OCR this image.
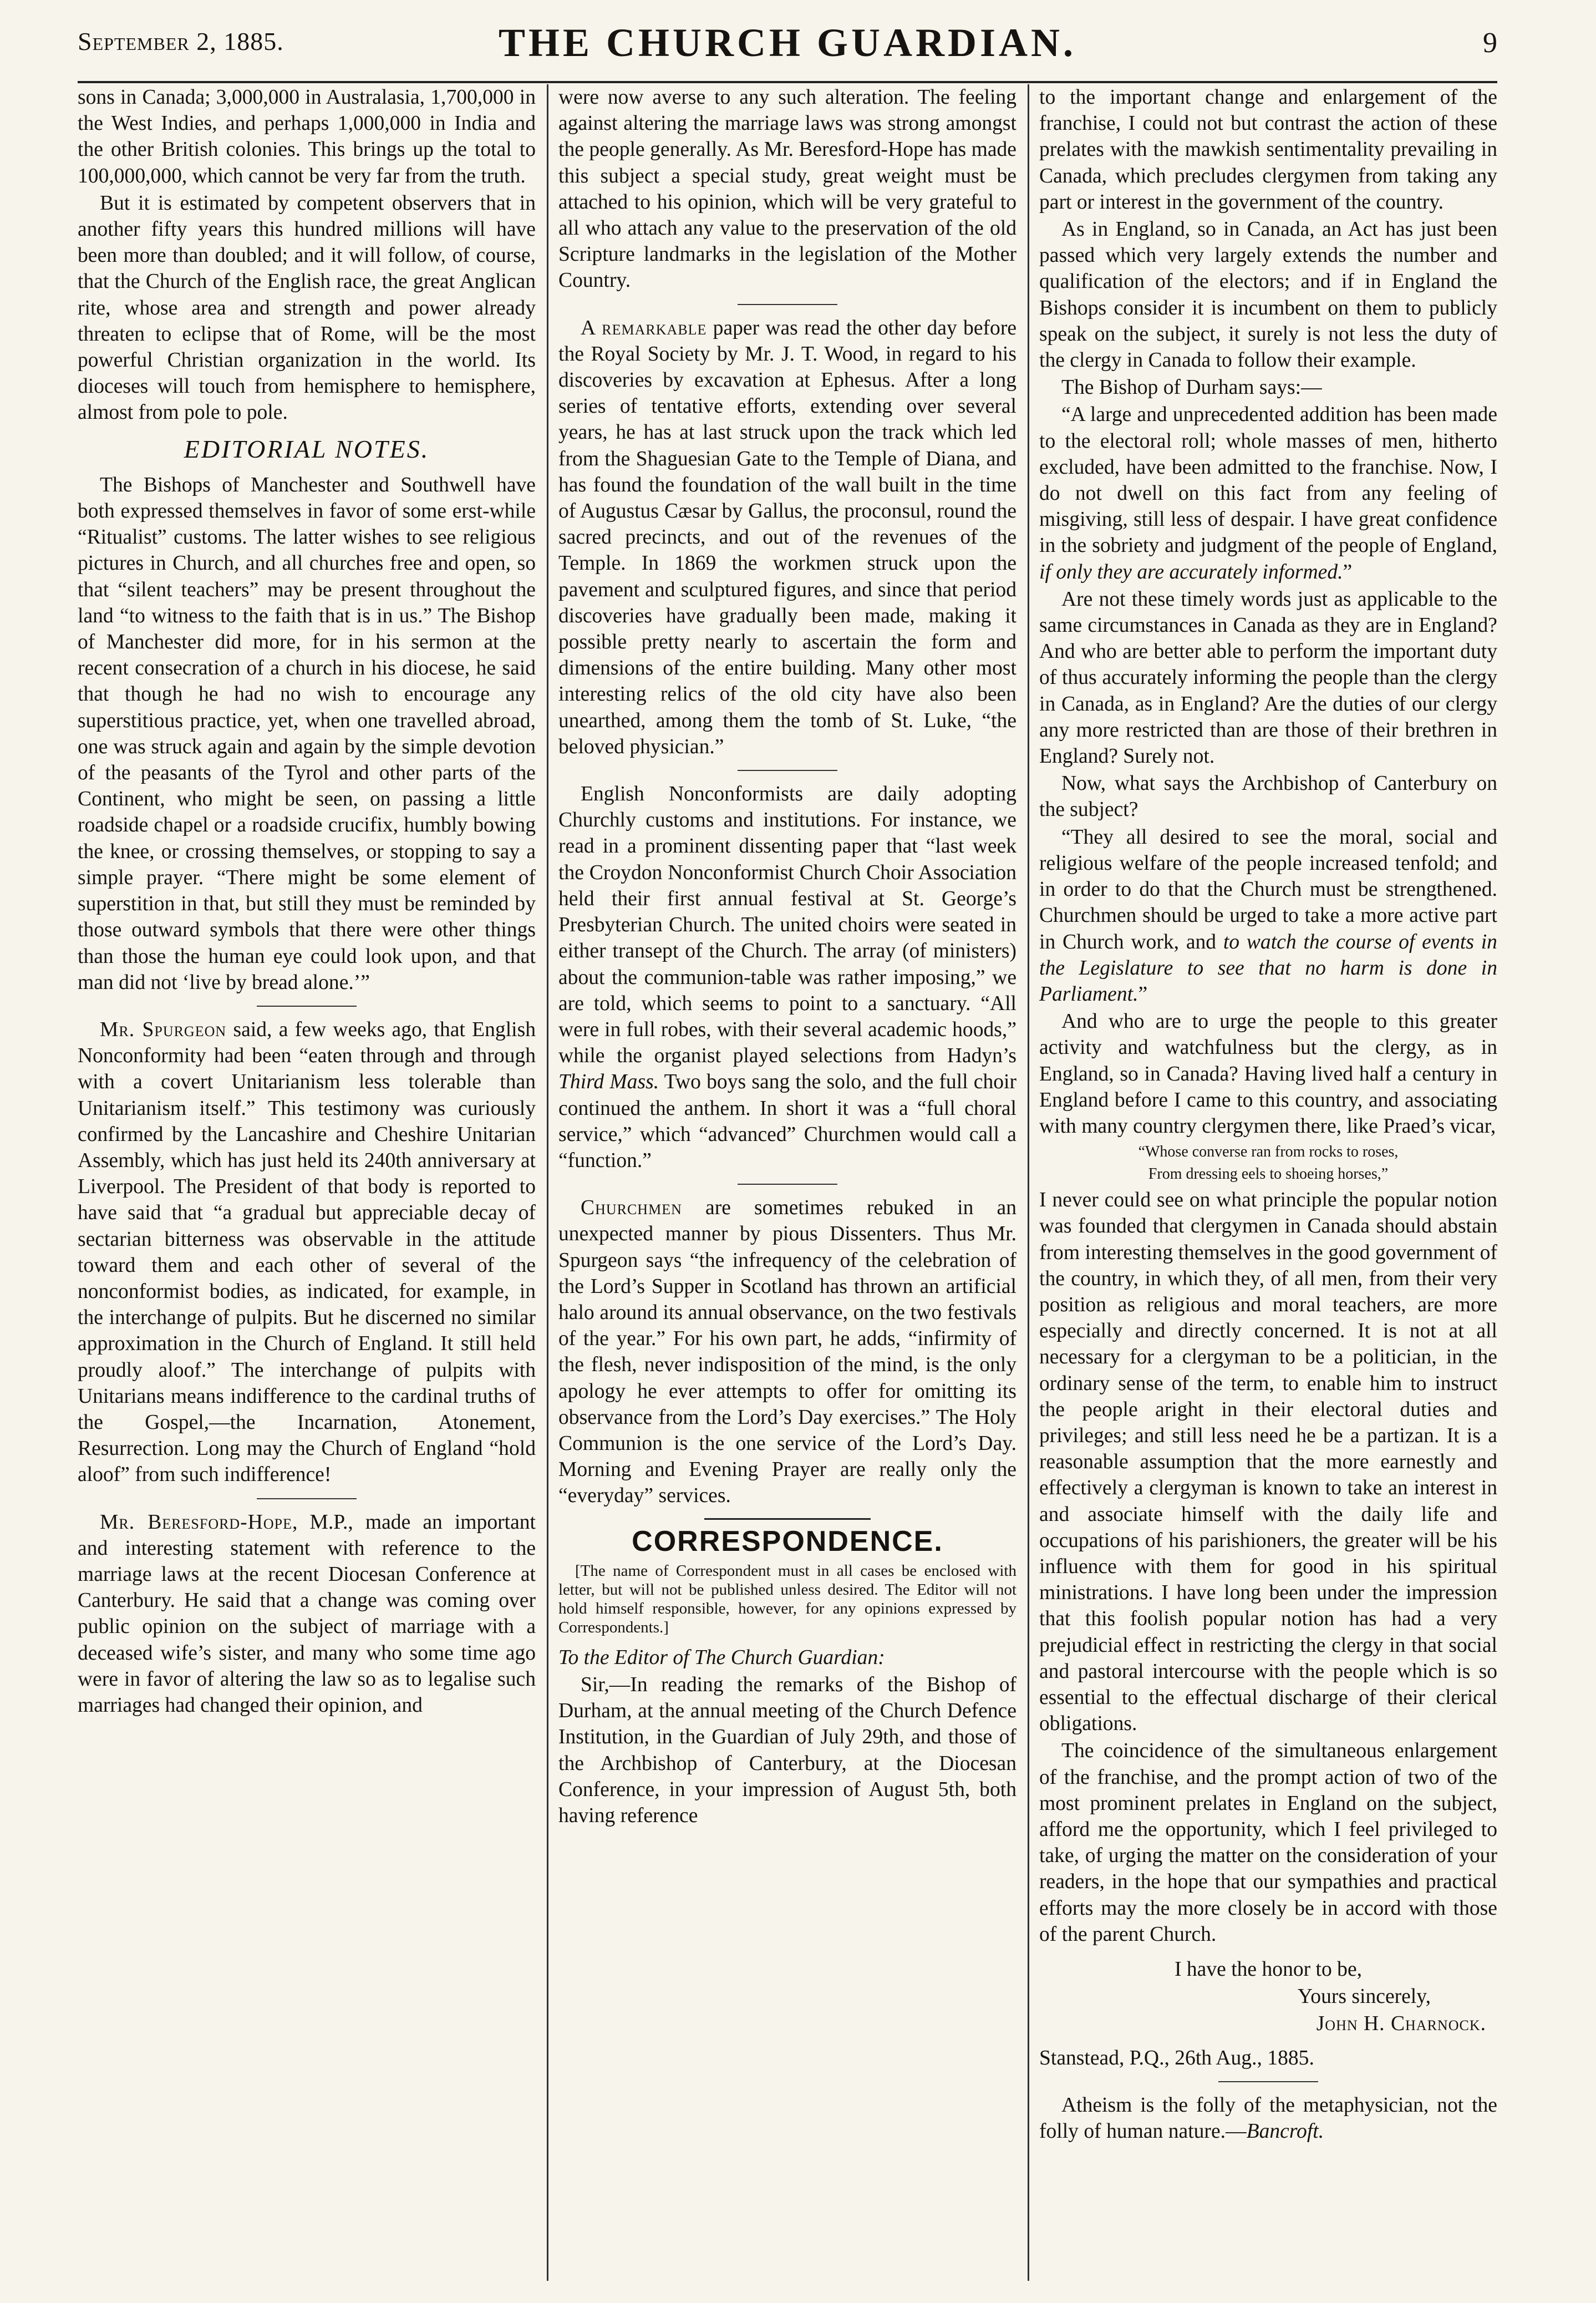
September 2, 1885.	THE CHURCH GUARDIAN.	9

sons in Canada; 3,000,000 in Australasia, 1,700,000 in the West Indies, and perhaps 1,000,000 in India and the other British colonies. This brings up the total to 100,000,000, which cannot be very far from the truth.

But it is estimated by competent observers that in another fifty years this hundred millions will have been more than doubled; and it will follow, of course, that the Church of the English race, the great Anglican rite, whose area and strength and power already threaten to eclipse that of Rome, will be the most powerful Christian organization in the world. Its dioceses will touch from hemisphere to hemisphere, almost from pole to pole.

EDITORIAL NOTES.

The Bishops of Manchester and Southwell have both expressed themselves in favor of some erst-while “Ritualist” customs. The latter wishes to see religious pictures in Church, and all churches free and open, so that “silent teachers” may be present throughout the land “to witness to the faith that is in us.” The Bishop of Manchester did more, for in his sermon at the recent consecration of a church in his diocese, he said that though he had no wish to encourage any superstitious practice, yet, when one travelled abroad, one was struck again and again by the simple devotion of the peasants of the Tyrol and other parts of the Continent, who might be seen, on passing a little roadside chapel or a roadside crucifix, humbly bowing the knee, or crossing themselves, or stopping to say a simple prayer. “There might be some element of superstition in that, but still they must be reminded by those outward symbols that there were other things than those the human eye could look upon, and that man did not ‘live by bread alone.’”

Mr. Spurgeon said, a few weeks ago, that English Nonconformity had been “eaten through and through with a covert Unitarianism less tolerable than Unitarianism itself.” This testimony was curiously confirmed by the Lancashire and Cheshire Unitarian Assembly, which has just held its 240th anniversary at Liverpool. The President of that body is reported to have said that “a gradual but appreciable decay of sectarian bitterness was observable in the attitude toward them and each other of several of the nonconformist bodies, as indicated, for example, in the interchange of pulpits. But he discerned no similar approximation in the Church of England. It still held proudly aloof.” The interchange of pulpits with Unitarians means indifference to the cardinal truths of the Gospel,—the Incarnation, Atonement, Resurrection. Long may the Church of England “hold aloof” from such indifference!

Mr. Beresford-Hope, M.P., made an important and interesting statement with reference to the marriage laws at the recent Diocesan Conference at Canterbury. He said that a change was coming over public opinion on the subject of marriage with a deceased wife’s sister, and many who some time ago were in favor of altering the law so as to legalise such marriages had changed their opinion, and

were now averse to any such alteration. The feeling against altering the marriage laws was strong amongst the people generally. As Mr. Beresford-Hope has made this subject a special study, great weight must be attached to his opinion, which will be very grateful to all who attach any value to the preservation of the old Scripture landmarks in the legislation of the Mother Country.

A remarkable paper was read the other day before the Royal Society by Mr. J. T. Wood, in regard to his discoveries by excavation at Ephesus. After a long series of tentative efforts, extending over several years, he has at last struck upon the track which led from the Shaguesian Gate to the Temple of Diana, and has found the foundation of the wall built in the time of Augustus Cæsar by Gallus, the proconsul, round the sacred precincts, and out of the revenues of the Temple. In 1869 the workmen struck upon the pavement and sculptured figures, and since that period discoveries have gradually been made, making it possible pretty nearly to ascertain the form and dimensions of the entire building. Many other most interesting relics of the old city have also been unearthed, among them the tomb of St. Luke, “the beloved physician.”

English Nonconformists are daily adopting Churchly customs and institutions. For instance, we read in a prominent dissenting paper that “last week the Croydon Nonconformist Church Choir Association held their first annual festival at St. George’s Presbyterian Church. The united choirs were seated in either transept of the Church. The array (of ministers) about the communion-table was rather imposing,” we are told, which seems to point to a sanctuary. “All were in full robes, with their several academic hoods,” while the organist played selections from Hadyn’s Third Mass. Two boys sang the solo, and the full choir continued the anthem. In short it was a “full choral service,” which “advanced” Churchmen would call a “function.”

Churchmen are sometimes rebuked in an unexpected manner by pious Dissenters. Thus Mr. Spurgeon says “the infrequency of the celebration of the Lord’s Supper in Scotland has thrown an artificial halo around its annual observance, on the two festivals of the year.” For his own part, he adds, “infirmity of the flesh, never indisposition of the mind, is the only apology he ever attempts to offer for omitting its observance from the Lord’s Day exercises.” The Holy Communion is the one service of the Lord’s Day. Morning and Evening Prayer are really only the “everyday” services.

CORRESPONDENCE.

[The name of Correspondent must in all cases be enclosed with letter, but will not be published unless desired. The Editor will not hold himself responsible, however, for any opinions expressed by Correspondents.]

To the Editor of The Church Guardian:

Sir,—In reading the remarks of the Bishop of Durham, at the annual meeting of the Church Defence Institution, in the Guardian of July 29th, and those of the Archbishop of Canterbury, at the Diocesan Conference, in your impression of August 5th, both having reference

to the important change and enlargement of the franchise, I could not but contrast the action of these prelates with the mawkish sentimentality prevailing in Canada, which precludes clergymen from taking any part or interest in the government of the country.

As in England, so in Canada, an Act has just been passed which very largely extends the number and qualification of the electors; and if in England the Bishops consider it is incumbent on them to publicly speak on the subject, it surely is not less the duty of the clergy in Canada to follow their example.

The Bishop of Durham says:—

“A large and unprecedented addition has been made to the electoral roll; whole masses of men, hitherto excluded, have been admitted to the franchise. Now, I do not dwell on this fact from any feeling of misgiving, still less of despair. I have great confidence in the sobriety and judgment of the people of England, if only they are accurately informed.”

Are not these timely words just as applicable to the same circumstances in Canada as they are in England? And who are better able to perform the important duty of thus accurately informing the people than the clergy in Canada, as in England? Are the duties of our clergy any more restricted than are those of their brethren in England? Surely not.

Now, what says the Archbishop of Canterbury on the subject?

“They all desired to see the moral, social and religious welfare of the people increased tenfold; and in order to do that the Church must be strengthened. Churchmen should be urged to take a more active part in Church work, and to watch the course of events in the Legislature to see that no harm is done in Parliament.”

And who are to urge the people to this greater activity and watchfulness but the clergy, as in England, so in Canada? Having lived half a century in England before I came to this country, and associating with many country clergymen there, like Praed’s vicar,

“Whose converse ran from rocks to roses,
From dressing eels to shoeing horses,”

I never could see on what principle the popular notion was founded that clergymen in Canada should abstain from interesting themselves in the good government of the country, in which they, of all men, from their very position as religious and moral teachers, are more especially and directly concerned. It is not at all necessary for a clergyman to be a politician, in the ordinary sense of the term, to enable him to instruct the people aright in their electoral duties and privileges; and still less need he be a partizan. It is a reasonable assumption that the more earnestly and effectively a clergyman is known to take an interest in and associate himself with the daily life and occupations of his parishioners, the greater will be his influence with them for good in his spiritual ministrations. I have long been under the impression that this foolish popular notion has had a very prejudicial effect in restricting the clergy in that social and pastoral intercourse with the people which is so essential to the effectual discharge of their clerical obligations.

The coincidence of the simultaneous enlargement of the franchise, and the prompt action of two of the most prominent prelates in England on the subject, afford me the opportunity, which I feel privileged to take, of urging the matter on the consideration of your readers, in the hope that our sympathies and practical efforts may the more closely be in accord with those of the parent Church.

I have the honor to be,

Yours sincerely,

John H. Charnock.

Stanstead, P.Q., 26th Aug., 1885.

Atheism is the folly of the metaphysician, not the folly of human nature.—Bancroft.
